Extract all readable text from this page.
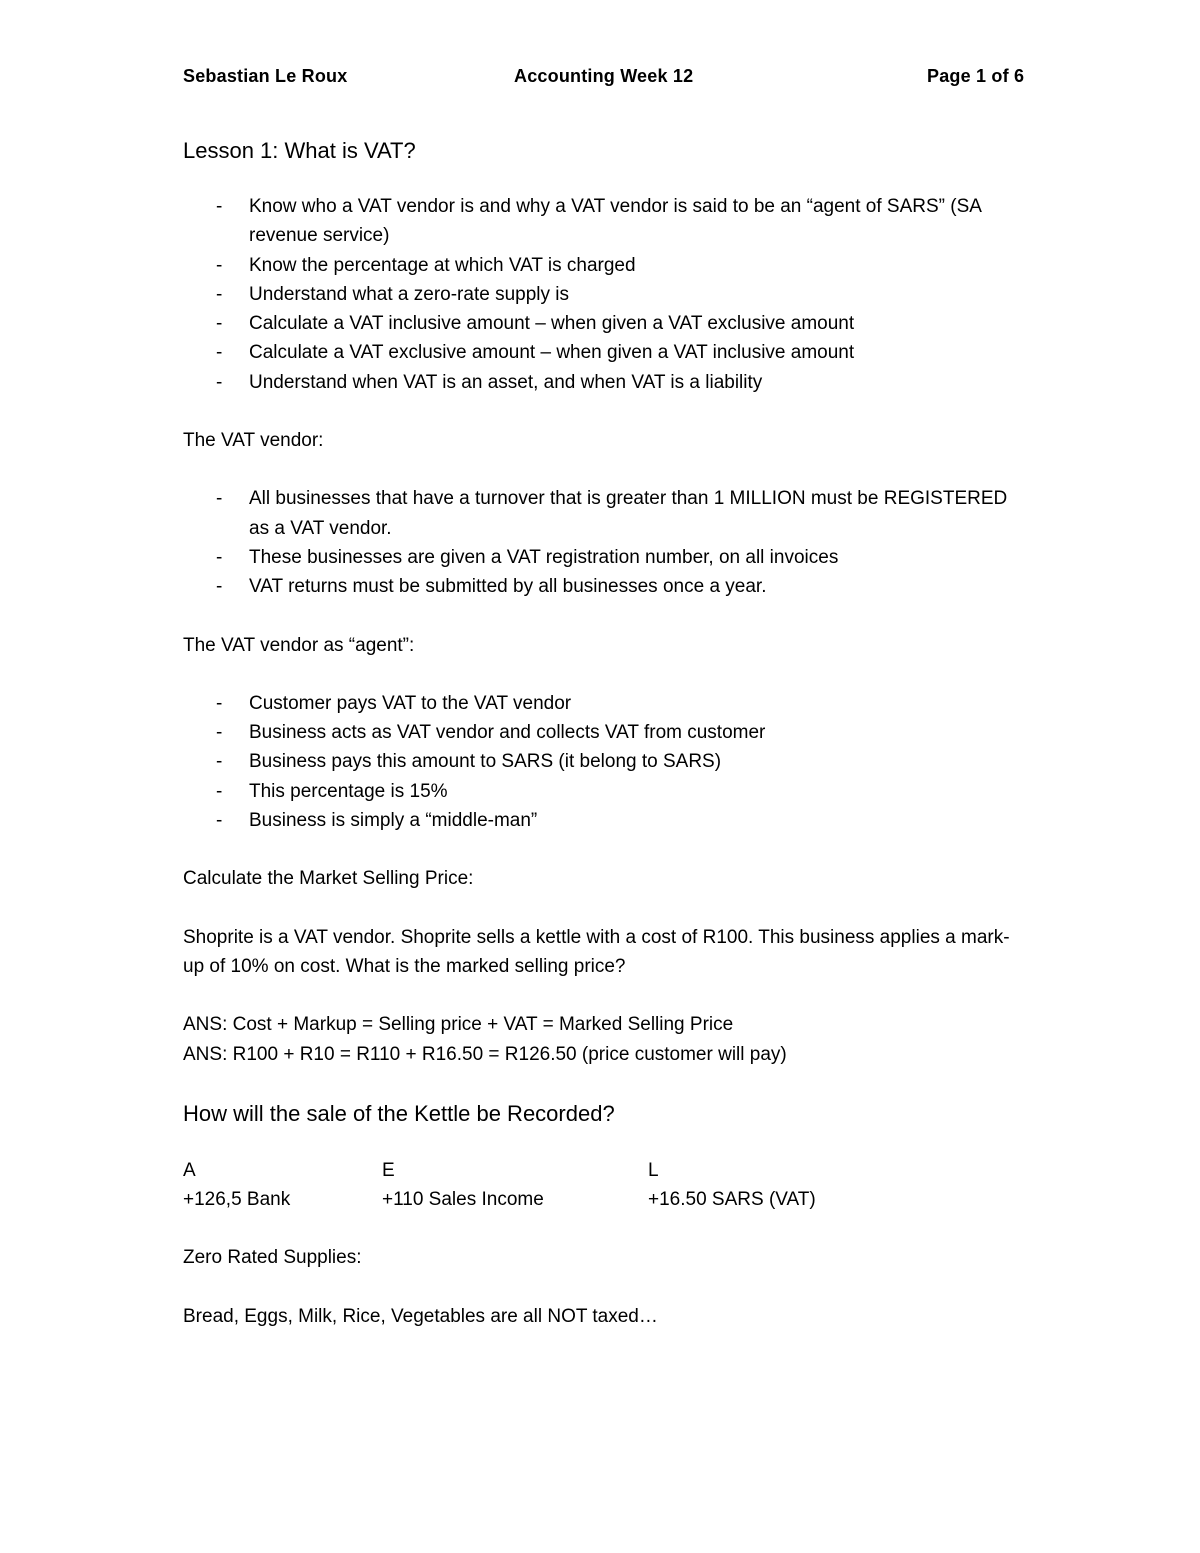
Sebastian Le Roux	Accounting Week 12	Page 1 of 6
Lesson 1: What is VAT?
- Know who a VAT vendor is and why a VAT vendor is said to be an “agent of SARS” (SA revenue service)
- Know the percentage at which VAT is charged
- Understand what a zero-rate supply is
- Calculate a VAT inclusive amount – when given a VAT exclusive amount
- Calculate a VAT exclusive amount – when given a VAT inclusive amount
- Understand when VAT is an asset, and when VAT is a liability
The VAT vendor:
- All businesses that have a turnover that is greater than 1 MILLION must be REGISTERED as a VAT vendor.
- These businesses are given a VAT registration number, on all invoices
- VAT returns must be submitted by all businesses once a year.
The VAT vendor as “agent”:
- Customer pays VAT to the VAT vendor
- Business acts as VAT vendor and collects VAT from customer
- Business pays this amount to SARS (it belong to SARS)
- This percentage is 15%
- Business is simply a “middle-man”
Calculate the Market Selling Price:
Shoprite is a VAT vendor. Shoprite sells a kettle with a cost of R100. This business applies a mark-up of 10% on cost. What is the marked selling price?
ANS: Cost + Markup = Selling price + VAT = Marked Selling Price
ANS: R100 + R10 = R110 + R16.50 = R126.50 (price customer will pay)
How will the sale of the Kettle be Recorded?
A	E	L
+126,5 Bank	+110 Sales Income	+16.50 SARS (VAT)
Zero Rated Supplies:
Bread, Eggs, Milk, Rice, Vegetables are all NOT taxed…
